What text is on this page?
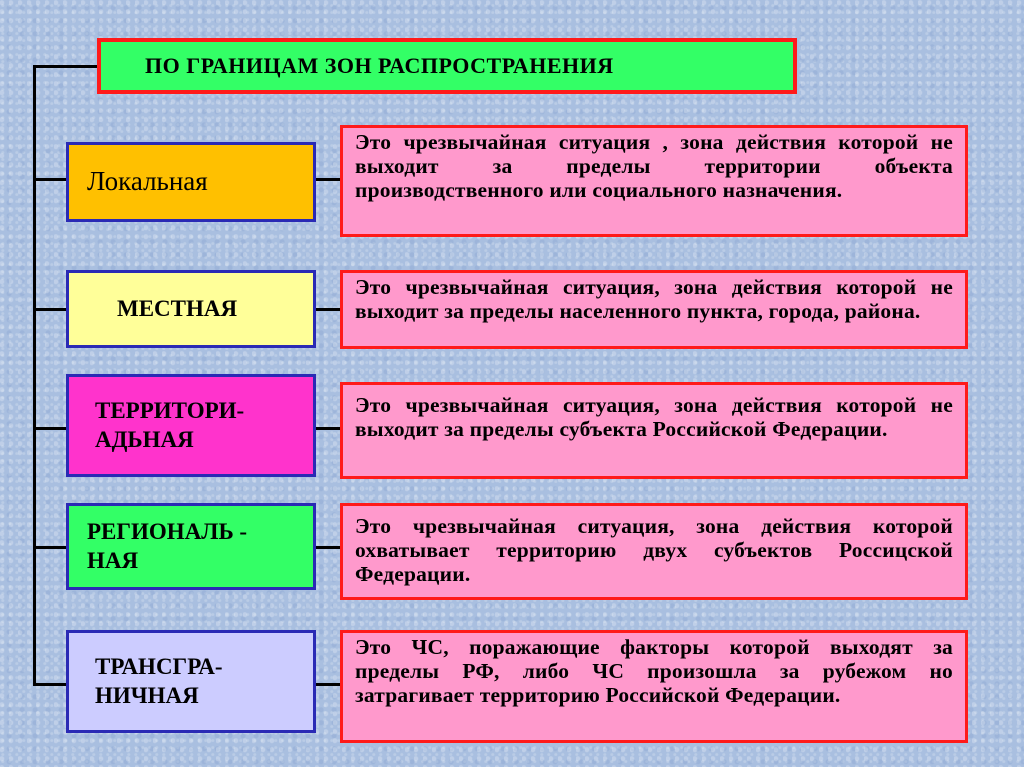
ПО ГРАНИЦАМ ЗОН РАСПРОСТРАНЕНИЯ
Локальная
МЕСТНАЯ
ТЕРРИТОРИ-
АДЬНАЯ
РЕГИОНАЛЬ -
НАЯ
ТРАНСГРА-
НИЧНАЯ
Это чрезвычайная ситуация , зона действия которой не выходит за пределы территории объекта производственного или социального назначения.
Это чрезвычайная ситуация, зона действия которой не выходит за пределы населенного пункта, города, района.
Это чрезвычайная ситуация, зона действия которой не выходит за пределы субъекта Российской Федерации.
Это чрезвычайная ситуация, зона действия которой охватывает территорию двух субъектов Россицской Федерации.
Это ЧС, поражающие факторы которой выходят за пределы РФ, либо ЧС произошла за рубежом но затрагивает территорию Российской Федерации.
